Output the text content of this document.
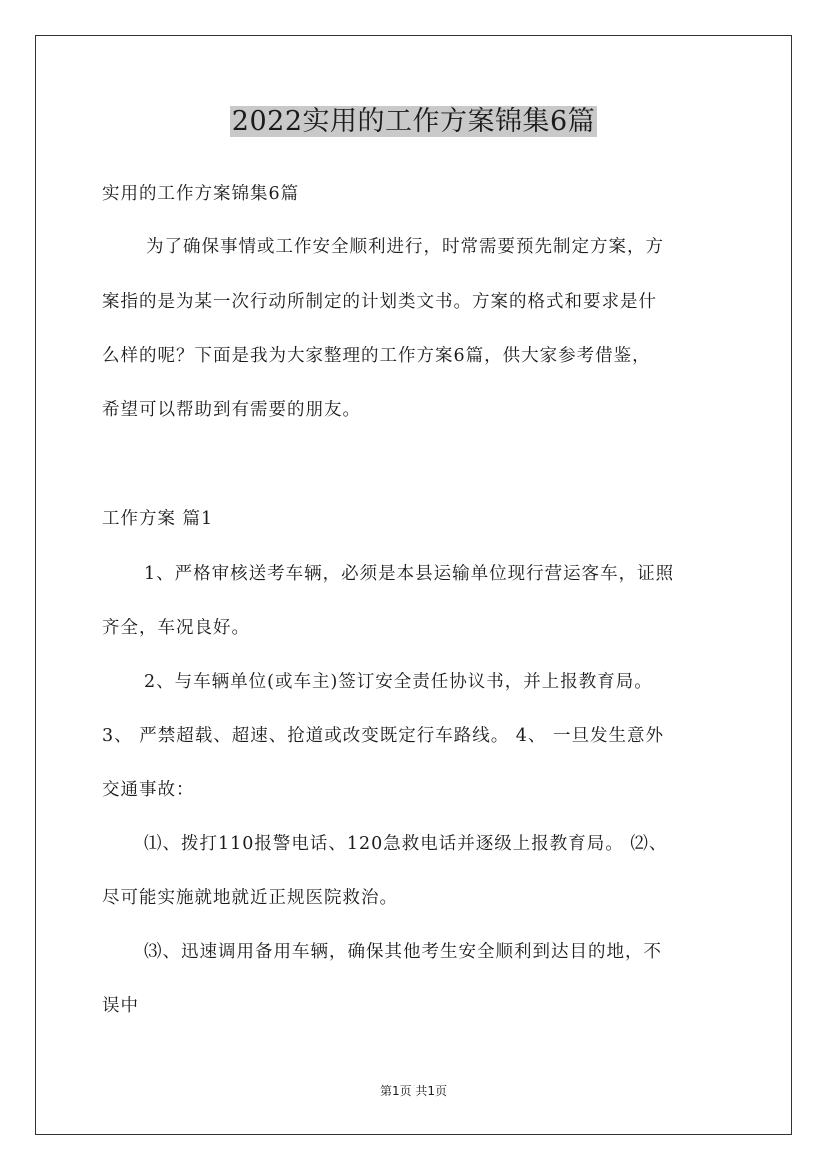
2022实用的工作方案锦集6篇
实用的工作方案锦集6篇
为了确保事情或工作安全顺利进行，时常需要预先制定方案，方
案指的是为某一次行动所制定的计划类文书。方案的格式和要求是什
么样的呢？下面是我为大家整理的工作方案6篇，供大家参考借鉴，
希望可以帮助到有需要的朋友。
工作方案 篇1
1、严格审核送考车辆，必须是本县运输单位现行营运客车，证照
齐全，车况良好。
2、与车辆单位(或车主)签订安全责任协议书，并上报教育局。
3、 严禁超载、超速、抢道或改变既定行车路线。 4、 一旦发生意外
交通事故：
⑴、拨打110报警电话、120急救电话并逐级上报教育局。 ⑵、
尽可能实施就地就近正规医院救治。
⑶、迅速调用备用车辆，确保其他考生安全顺利到达目的地，不
误中
第1页 共1页
